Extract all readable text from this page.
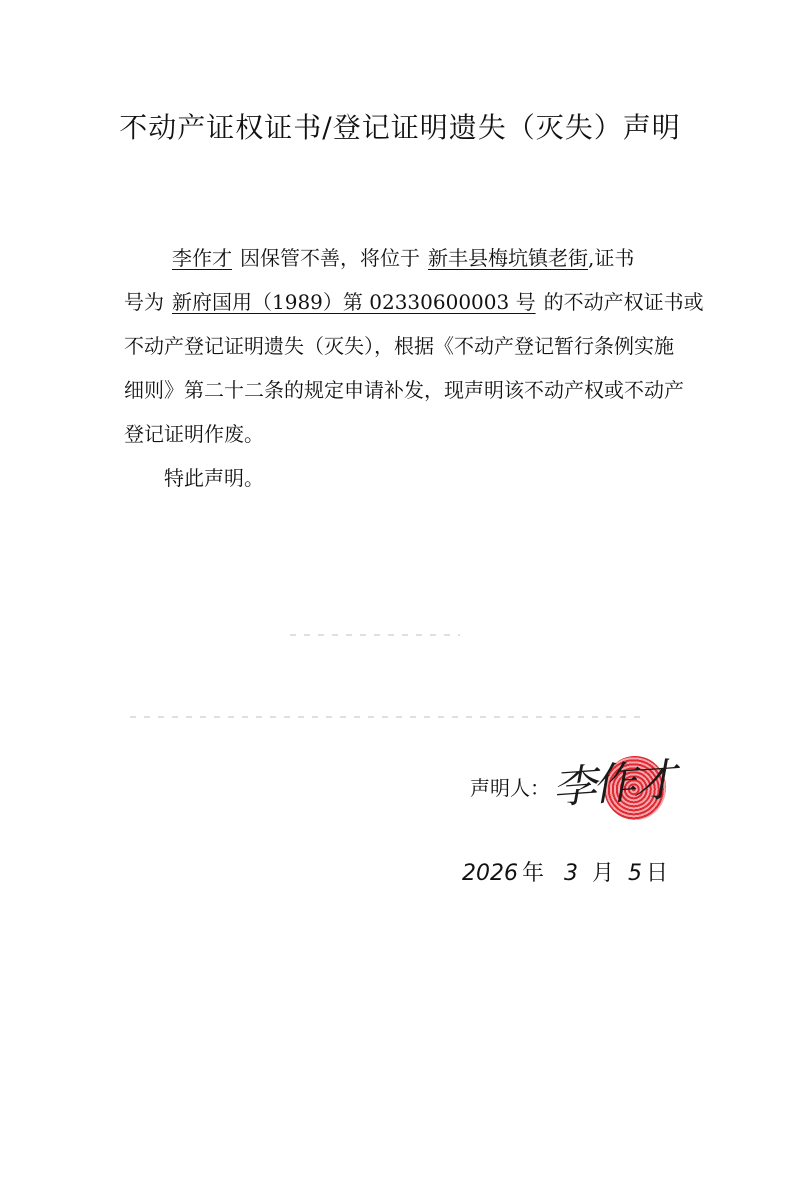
不动产证权证书/登记证明遗失（灭失）声明
李作才 因保管不善，将位于 新丰县梅坑镇老街,证书
号为 新府国用（1989）第 02330600003 号 的不动产权证书或
不动产登记证明遗失（灭失），根据《不动产登记暂行条例实施
细则》第二十二条的规定申请补发，现声明该不动产权或不动产
登记证明作废。
特此声明。
声明人： 李作才
2026 年 3 月 5 日
